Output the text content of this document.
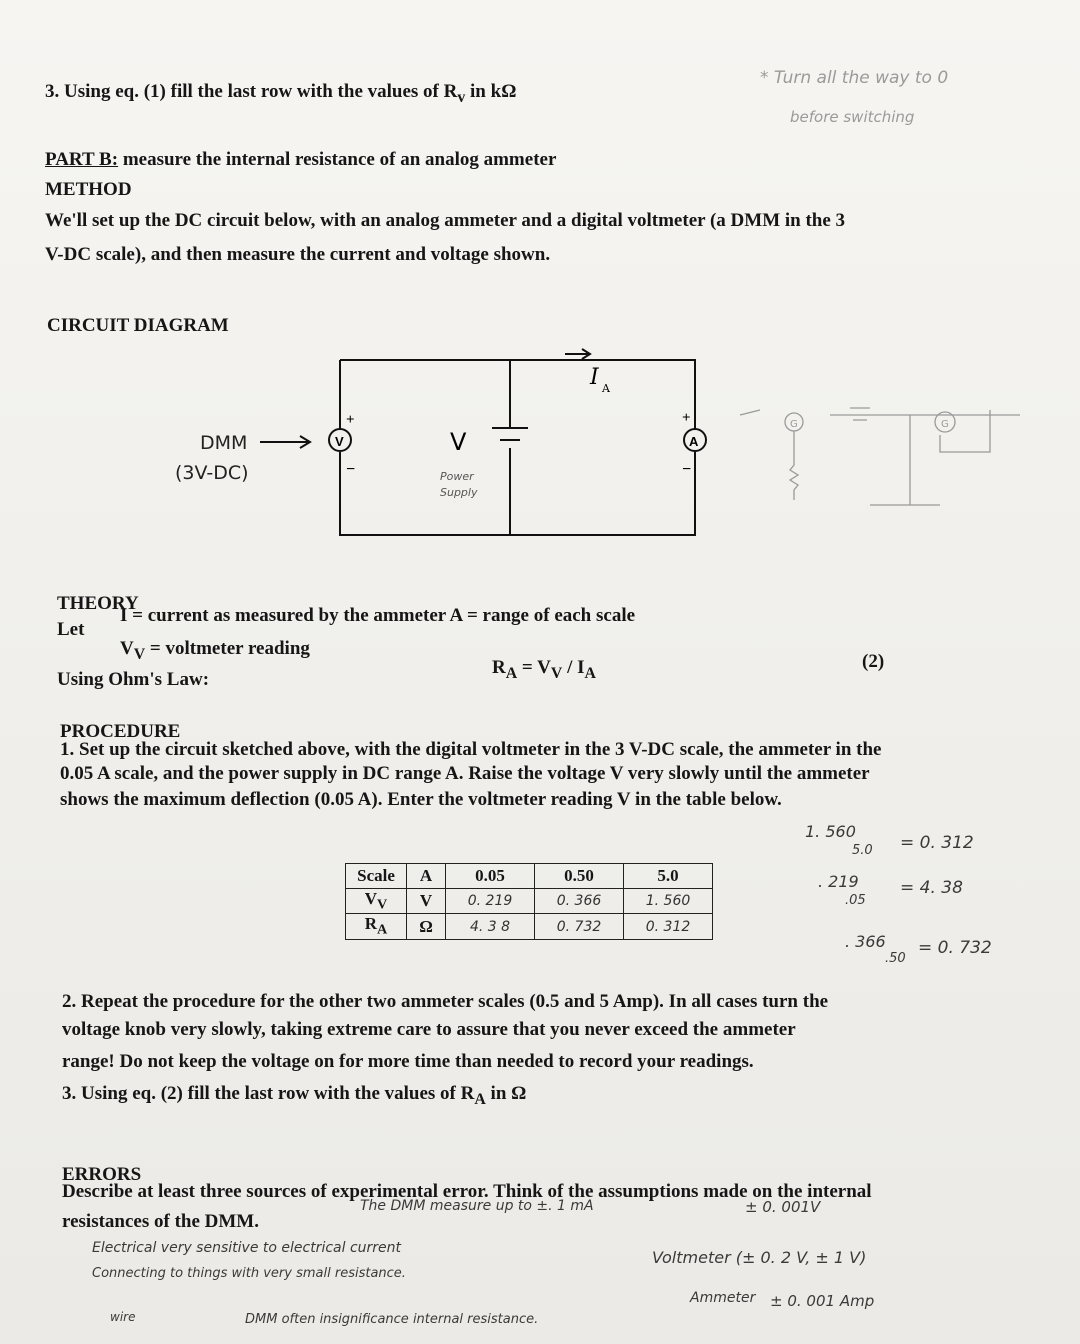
3. Using eq. (1) fill the last row with the values of $R_v$ in kΩ
* Turn all the way to 0
before switching
PART B: measure the internal resistance of an analog ammeter
METHOD
We'll set up the DC circuit below, with an analog ammeter and a digital voltmeter (a DMM in the 3
V-DC scale), and then measure the current and voltage shown.
CIRCUIT DIAGRAM
V	A
+
−
+
−
V
Power
Supply
I A
G	G
DMM
(3V-DC)
THEORY
Let
I = current as measured by the ammeter A = range of each scale
$V_V$ = voltmeter reading
Using Ohm's Law:
$R_A = V_V / I_A$
(2)
PROCEDURE
1. Set up the circuit sketched above, with the digital voltmeter in the 3 V-DC scale, the ammeter in the
0.05 A scale, and the power supply in DC range A. Raise the voltage V very slowly until the ammeter
shows the maximum deflection (0.05 A). Enter the voltmeter reading V in the table below.
Scale	A	0.05	0.50	5.0
$V_V$	V	0. 219	0. 366	1. 560
$R_A$	Ω	4. 3 8	0. 732	0. 312
1. 560
5.0 = 0. 312
. 219
.05
= 4. 38
. 366
.50
= 0. 732
2. Repeat the procedure for the other two ammeter scales (0.5 and 5 Amp). In all cases turn the
voltage knob very slowly, taking extreme care to assure that you never exceed the ammeter
range! Do not keep the voltage on for more time than needed to record your readings.
3. Using eq. (2) fill the last row with the values of $R_A$ in Ω
ERRORS
Describe at least three sources of experimental error. Think of the assumptions made on the internal
resistances of the DMM.
The DMM measure up to ±. 1 mA	± 0. 001V
Electrical very sensitive to electrical current
Connecting to things with very small resistance.
wire
Voltmeter (± 0. 2 V, ± 1 V)
Ammeter ± 0. 001 Amp
DMM often insignificance internal resistance.
